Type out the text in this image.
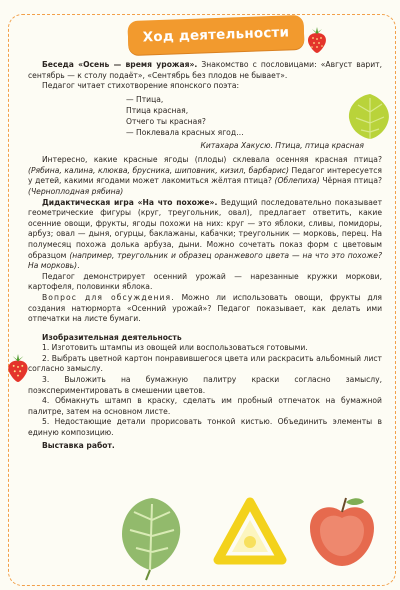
Ход деятельности

Беседа «Осень — время урожая». Знакомство с пословицами: «Август варит, сентябрь — к столу подаёт», «Сентябрь без плодов не бывает».

Педагог читает стихотворение японского поэта:

— Птица,
Птица красная,
Отчего ты красная?
— Поклевала красных ягод…
Китахара Хакусю. Птица, птица красная

Интересно, какие красные ягоды (плоды) склевала осенняя красная птица? (Рябина, калина, клюква, брусника, шиповник, кизил, барбарис) Педагог интересуется у детей, какими ягодами может лакомиться жёлтая птица? (Облепиха) Чёрная птица? (Черноплодная рябина)

Дидактическая игра «На что похоже». Ведущий последовательно показывает геометрические фигуры (круг, треугольник, овал), предлагает ответить, какие осенние овощи, фрукты, ягоды похожи на них: круг — это яблоки, сливы, помидоры, арбуз; овал — дыня, огурцы, баклажаны, кабачки; треугольник — морковь, перец. На полумесяц похожа долька арбуза, дыни. Можно сочетать показ форм с цветовым образцом (например, треугольник и образец оранжевого цвета — на что это похоже? На морковь).

Педагог демонстрирует осенний урожай — нарезанные кружки моркови, картофеля, половинки яблока.

Вопрос для обсуждения. Можно ли использовать овощи, фрукты для создания натюрморта «Осенний урожай»? Педагог показывает, как делать ими отпечатки на листе бумаги.

Изобразительная деятельность

1. Изготовить штампы из овощей или воспользоваться готовыми.

2. Выбрать цветной картон понравившегося цвета или раскрасить альбомный лист согласно замыслу.

3. Выложить на бумажную палитру краски согласно замыслу, поэкспериментировать в смешении цветов.

4. Обмакнуть штамп в краску, сделать им пробный отпечаток на бумажной палитре, затем на основном листе.

5. Недостающие детали прорисовать тонкой кистью. Объединить элементы в единую композицию.

Выставка работ.
